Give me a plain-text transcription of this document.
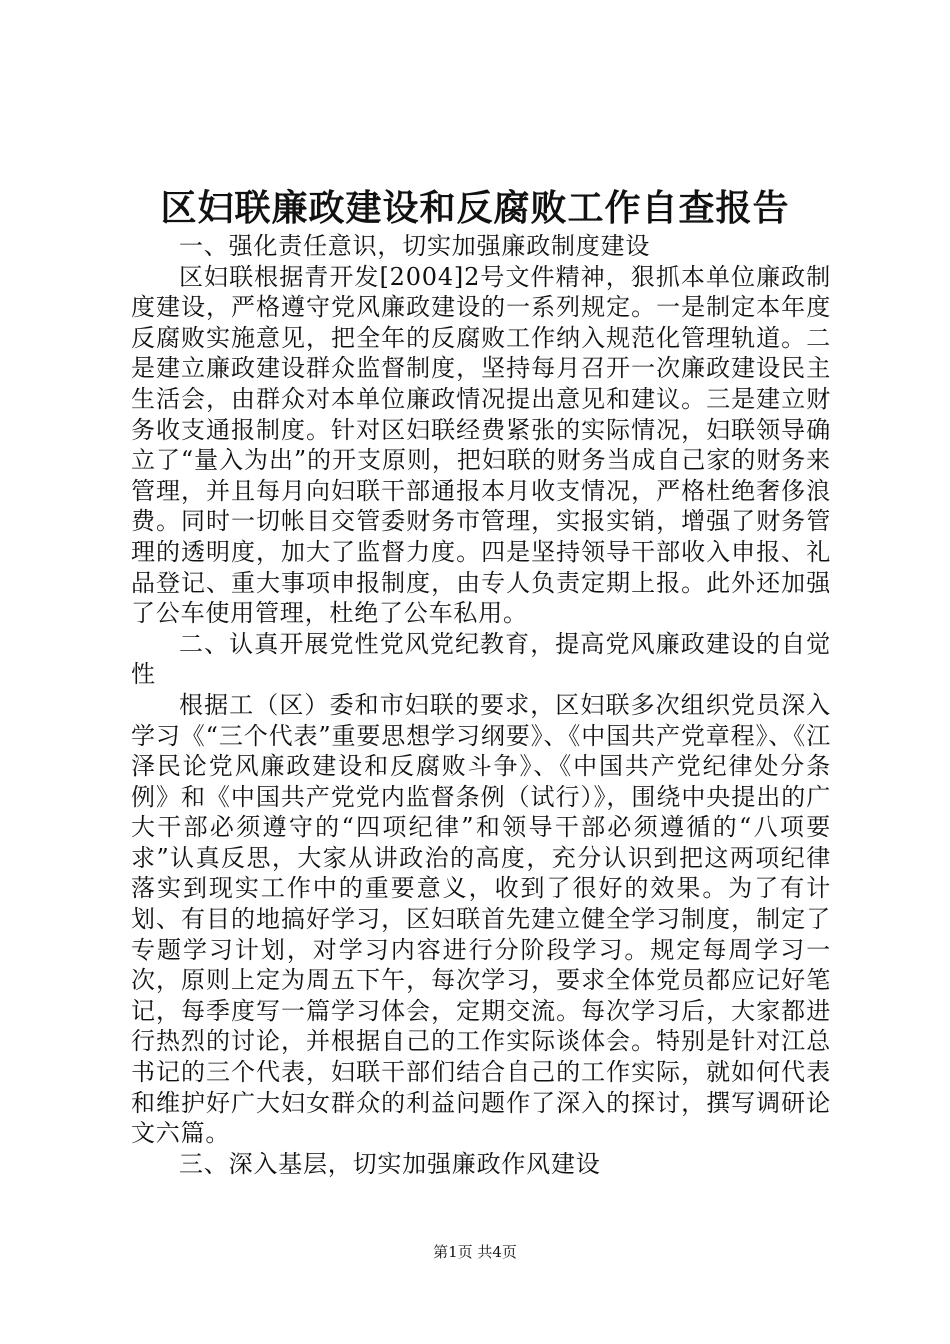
区妇联廉政建设和反腐败工作自查报告

一、强化责任意识，切实加强廉政制度建设

区妇联根据青开发[2004]2号文件精神，狠抓本单位廉政制度建设，严格遵守党风廉政建设的一系列规定。一是制定本年度反腐败实施意见，把全年的反腐败工作纳入规范化管理轨道。二是建立廉政建设群众监督制度，坚持每月召开一次廉政建设民主生活会，由群众对本单位廉政情况提出意见和建议。三是建立财务收支通报制度。针对区妇联经费紧张的实际情况，妇联领导确立了“量入为出”的开支原则，把妇联的财务当成自己家的财务来管理，并且每月向妇联干部通报本月收支情况，严格杜绝奢侈浪费。同时一切帐目交管委财务市管理，实报实销，增强了财务管理的透明度，加大了监督力度。四是坚持领导干部收入申报、礼品登记、重大事项申报制度，由专人负责定期上报。此外还加强了公车使用管理，杜绝了公车私用。

二、认真开展党性党风党纪教育，提高党风廉政建设的自觉性

根据工（区）委和市妇联的要求，区妇联多次组织党员深入学习《“三个代表”重要思想学习纲要》、《中国共产党章程》、《江泽民论党风廉政建设和反腐败斗争》、《中国共产党纪律处分条例》和《中国共产党党内监督条例（试行）》，围绕中央提出的广大干部必须遵守的“四项纪律”和领导干部必须遵循的“八项要求”认真反思，大家从讲政治的高度，充分认识到把这两项纪律落实到现实工作中的重要意义，收到了很好的效果。为了有计划、有目的地搞好学习，区妇联首先建立健全学习制度，制定了专题学习计划，对学习内容进行分阶段学习。规定每周学习一次，原则上定为周五下午，每次学习，要求全体党员都应记好笔记，每季度写一篇学习体会，定期交流。每次学习后，大家都进行热烈的讨论，并根据自己的工作实际谈体会。特别是针对江总书记的三个代表，妇联干部们结合自己的工作实际，就如何代表和维护好广大妇女群众的利益问题作了深入的探讨，撰写调研论文六篇。

三、深入基层，切实加强廉政作风建设

第1页 共4页
